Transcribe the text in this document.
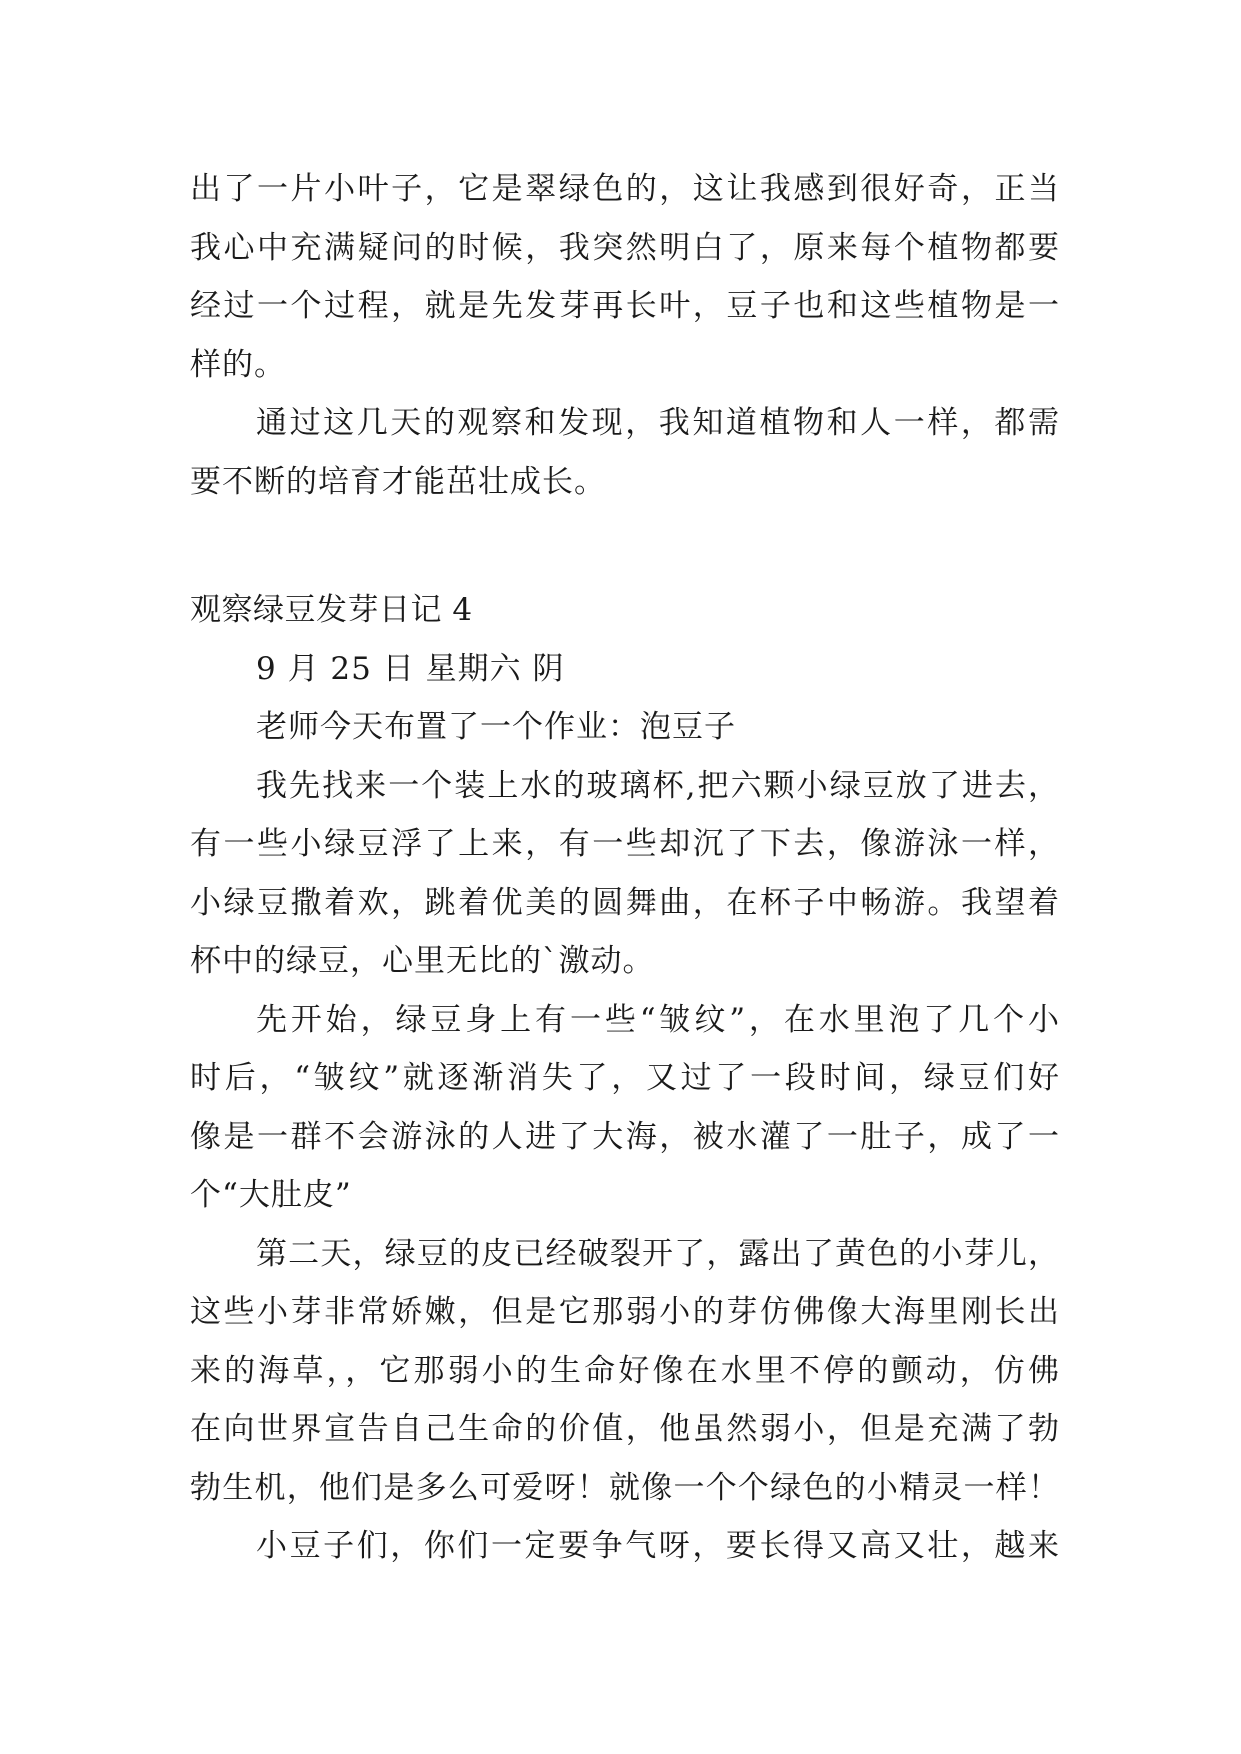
出了一片小叶子，它是翠绿色的，这让我感到很好奇，正当
我心中充满疑问的时候，我突然明白了，原来每个植物都要
经过一个过程，就是先发芽再长叶，豆子也和这些植物是一
样的。
通过这几天的观察和发现，我知道植物和人一样，都需
要不断的培育才能茁壮成长。
观察绿豆发芽日记 4
9 月 25 日 星期六 阴
老师今天布置了一个作业：泡豆子
我先找来一个装上水的玻璃杯,把六颗小绿豆放了进去，
有一些小绿豆浮了上来，有一些却沉了下去，像游泳一样，
小绿豆撒着欢，跳着优美的圆舞曲，在杯子中畅游。我望着
杯中的绿豆，心里无比的`激动。
先开始，绿豆身上有一些“皱纹”，在水里泡了几个小
时后，“皱纹”就逐渐消失了，又过了一段时间，绿豆们好
像是一群不会游泳的人进了大海，被水灌了一肚子，成了一
个“大肚皮”
第二天，绿豆的皮已经破裂开了，露出了黄色的小芽儿，
这些小芽非常娇嫩，但是它那弱小的芽仿佛像大海里刚长出
来的海草，，它那弱小的生命好像在水里不停的颤动，仿佛
在向世界宣告自己生命的价值，他虽然弱小，但是充满了勃
勃生机，他们是多么可爱呀！就像一个个绿色的小精灵一样！
小豆子们，你们一定要争气呀，要长得又高又壮，越来
